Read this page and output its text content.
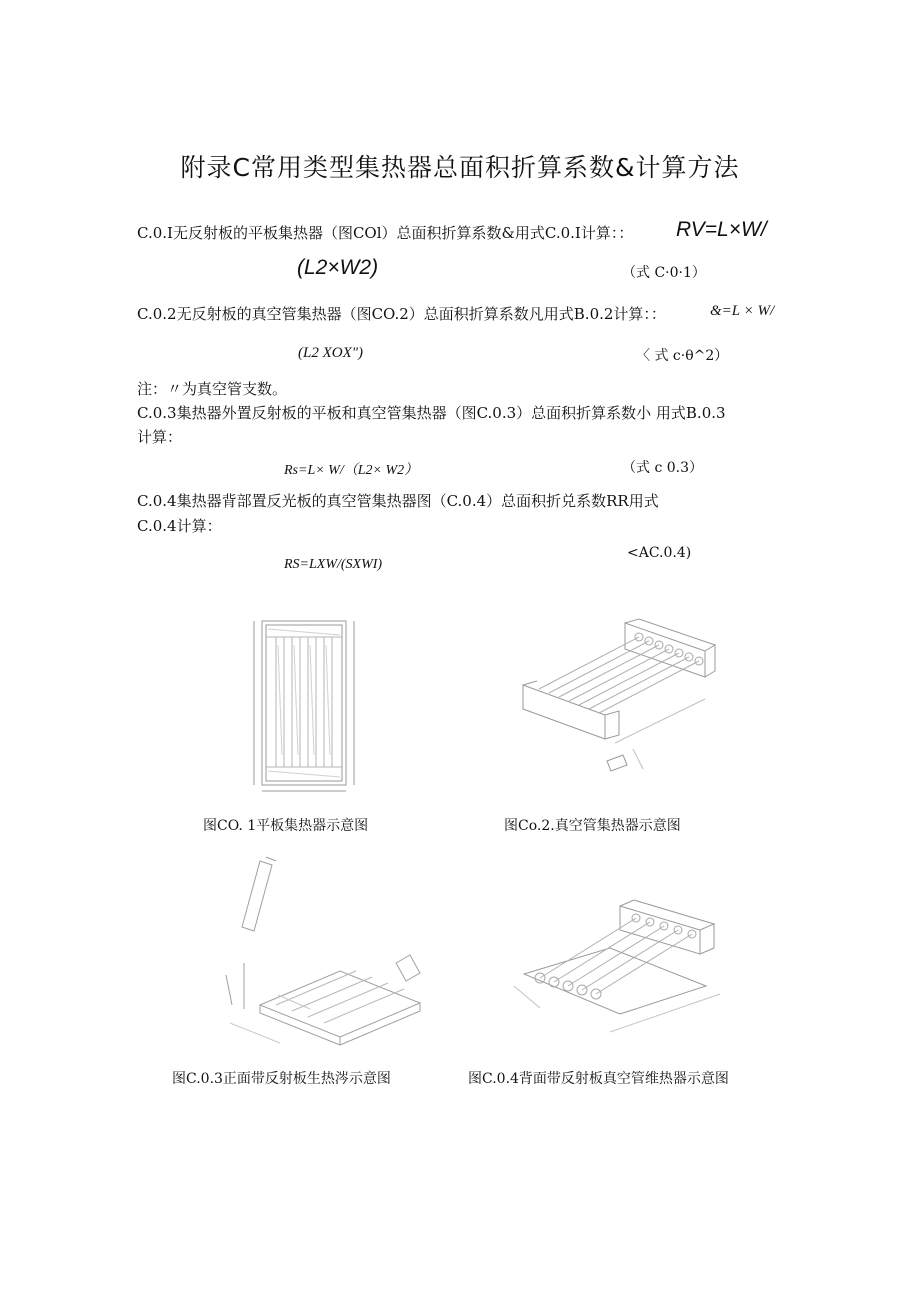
附录C常用类型集热器总面积折算系数&计算方法
C.0.I无反射板的平板集热器（图COl）总面积折算系数&用式C.0.I计算：： RV=L×W/
(L2×W2)	（式 C·0·1）
C.0.2无反射板的真空管集热器（图CO.2）总面积折算系数凡用式B.0.2计算：：	&=L × W/
(L2 XOX")	〈 式 c·θ^2）
注：〃为真空管支数。
C.0.3集热器外置反射板的平板和真空管集热器（图C.0.3）总面积折算系数小 用式B.0.3
计算：
Rs=L× W/（L2× W2）	（式 c 0.3）
C.0.4集热器背部置反光板的真空管集热器图（C.0.4）总面积折兑系数RR用式
C.0.4计算：
<AC.0.4)
RS=LXW/(SXWI)
图CO. 1平板集热器示意图	图Co.2.真空管集热器示意图
图C.0.3正面带反射板生热涔示意图	图C.0.4背面带反射板真空管维热器示意图
